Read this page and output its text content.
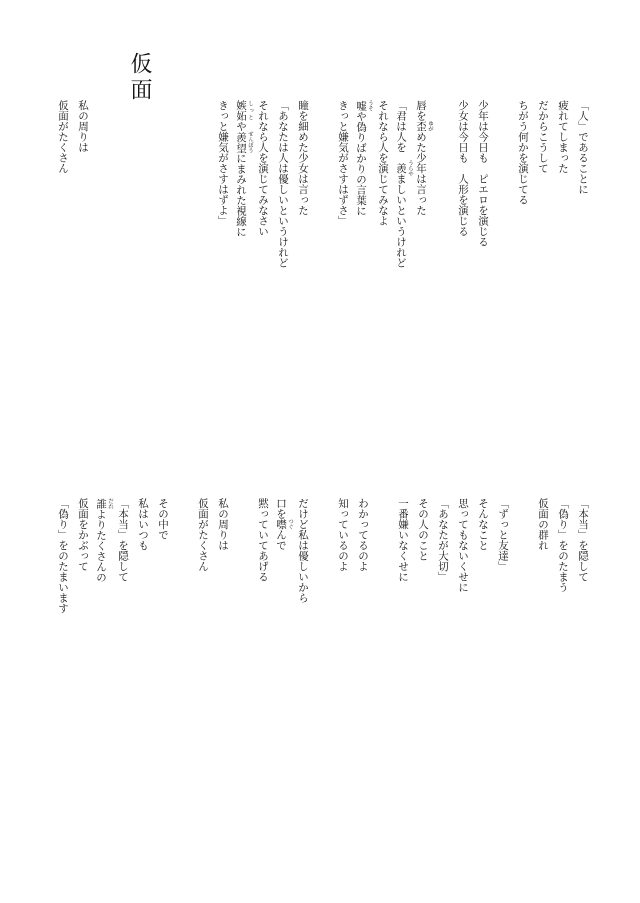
仮面

「人」であることに

疲れてしまった

だからこうして

ちがう何かを演じてる

少年は今日も　ピエロを演じる

少女は今日も　人形を演じる

唇を歪 ゆがめた少年は言った

「君は人を　羨 うらやましいというけれど

それなら人を演じてみなよ

嘘 うそや偽りばかりの言葉に

きっと嫌気がさすはずさ」

瞳を細めた少女は言った

「あなたは人は優しいというけれど

それなら人を演じてみなさい

嫉妬 しっとや羨望 せんぼうにまみれた視線に

きっと嫌気がさすはずよ」

私の周りは

仮面がたくさん

「本当」を隠して

「偽り」をのたまう

仮面の群れ

「ずっと友達」

そんなこと

思ってもないくせに

「あなたが大切」

その人のこと

一番嫌いなくせに

わかってるのよ

知っているのよ

だけど私は優しいから

口を噤 つぐんで

黙っていてあげる

私の周りは

仮面がたくさん

その中で

私はいつも

「本当」を隠して

誰 だれよりたくさんの

仮面をかぶって

「偽り」をのたまいます
